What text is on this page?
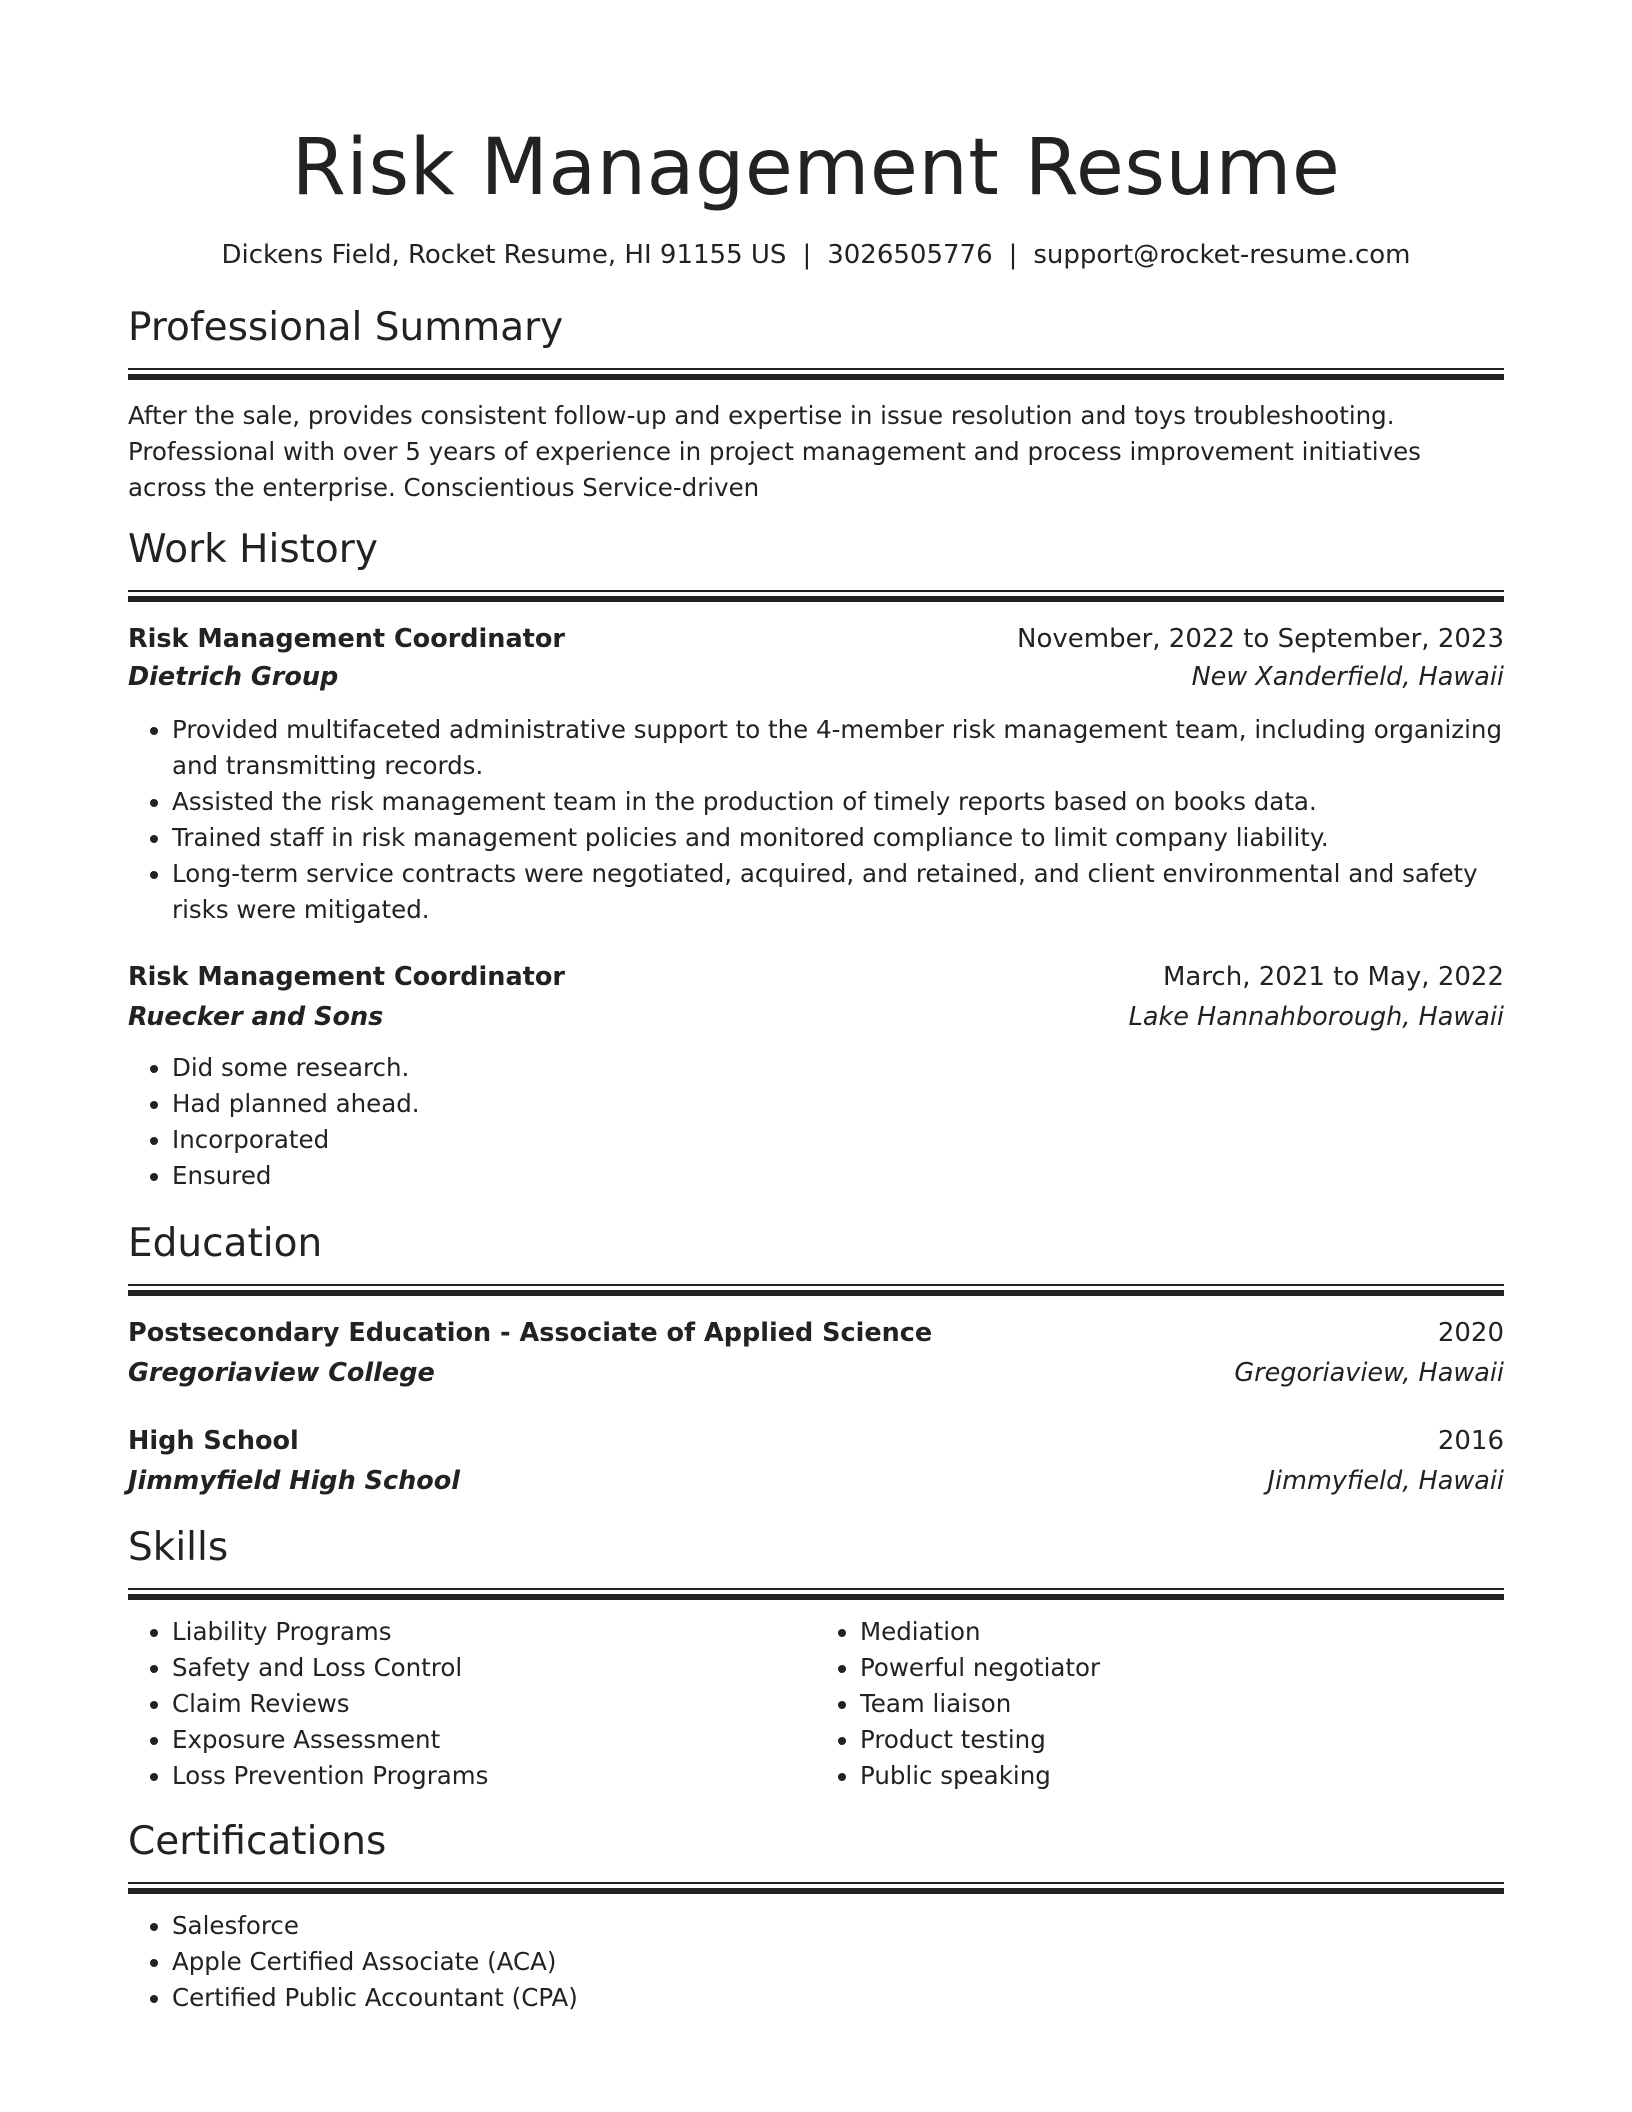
Risk Management Resume
Dickens Field, Rocket Resume, HI 91155 US | 3026505776 | support@rocket-resume.com
Professional Summary

After the sale, provides consistent follow-up and expertise in issue resolution and toys troubleshooting. Professional with over 5 years of experience in project management and process improvement initiatives across the enterprise. Conscientious Service-driven

Work History
Risk Management Coordinator	November, 2022 to September, 2023
Dietrich Group	New Xanderfield, Hawaii
• Provided multifaceted administrative support to the 4-member risk management team, including organizing and transmitting records.
• Assisted the risk management team in the production of timely reports based on books data.
• Trained staff in risk management policies and monitored compliance to limit company liability.
• Long-term service contracts were negotiated, acquired, and retained, and client environmental and safety risks were mitigated.
Risk Management Coordinator	March, 2021 to May, 2022
Ruecker and Sons	Lake Hannahborough, Hawaii
• Did some research.
• Had planned ahead.
• Incorporated
• Ensured
Education
Postsecondary Education - Associate of Applied Science	2020
Gregoriaview College	Gregoriaview, Hawaii
High School	2016
Jimmyfield High School	Jimmyfield, Hawaii
Skills
• Liability Programs
• Safety and Loss Control
• Claim Reviews
• Exposure Assessment
• Loss Prevention Programs
• Mediation
• Powerful negotiator
• Team liaison
• Product testing
• Public speaking
Certifications
• Salesforce
• Apple Certified Associate (ACA)
• Certified Public Accountant (CPA)
